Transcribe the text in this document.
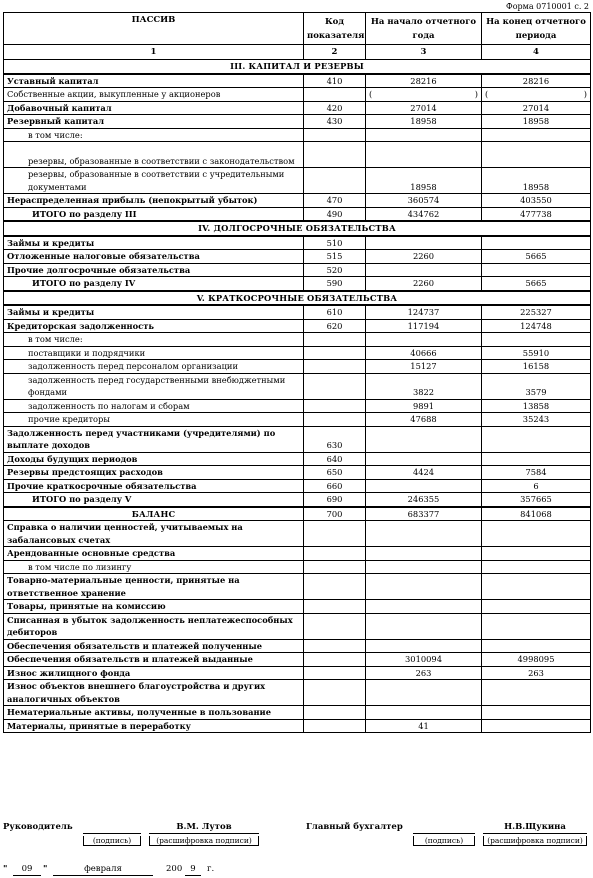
Форма 0710001 с. 2
ПАССИВ	Код показателя	На начало отчетного года	На конец отчетного периода
1	2	3	4
III. КАПИТАЛ И РЕЗЕРВЫ			
Уставный капитал	410	28216	28216
Собственные акции, выкупленные у акционеров		( )	( )

Добавочный капитал	420	27014	27014
Резервный капитал	430	18958	18958
в том числе:			
резервы, образованные в соответствии с законодательством			
резервы, образованные в соответствии с учредительными документами		18958	18958
Нераспределенная прибыль (непокрытый убыток)	470	360574	403550
ИТОГО по разделу III	490	434762	477738
IV. ДОЛГОСРОЧНЫЕ ОБЯЗАТЕЛЬСТВА			
Займы и кредиты	510		
Отложенные налоговые обязательства	515	2260	5665
Прочие долгосрочные обязательства	520		
ИТОГО по разделу IV	590	2260	5665
V. КРАТКОСРОЧНЫЕ ОБЯЗАТЕЛЬСТВА			
Займы и кредиты	610	124737	225327
Кредиторская задолженность	620	117194	124748
в том числе:			
поставщики и подрядчики		40666	55910
задолженность перед персоналом организации		15127	16158
задолженность перед государственными внебюджетными фондами		3822	3579
задолженность по налогам и сборам		9891	13858
прочие кредиторы		47688	35243
Задолженность перед участниками (учредителями) по выплате доходов	630		
Доходы будущих периодов	640		
Резервы предстоящих расходов	650	4424	7584
Прочие краткосрочные обязательства	660		6
ИТОГО по разделу V	690	246355	357665
БАЛАНС	700	683377	841068
Справка о наличии ценностей, учитываемых на забалансовых счетах			
Арендованные основные средства			
в том числе по лизингу			
Товарно-материальные ценности, принятые на ответственное хранение			
Товары, принятые на комиссию			
Списанная в убыток задолженность неплатежеспособных дебиторов			
Обеспечения обязательств и платежей полученные			
Обеспечения обязательств и платежей выданные		3010094	4998095
Износ жилищного фонда		263	263
Износ объектов внешнего благоустройства и других аналогичных объектов			
Нематериальные активы, полученные в пользование			
Материалы, принятые в переработку		41	
Руководитель	В.М. Лутов
(подпись)	(расшифровка подписи)
Главный бухгалтер	Н.В.Щукина
(подпись)	(расшифровка подписи)
"	09	"	февраля	200 9	г.
